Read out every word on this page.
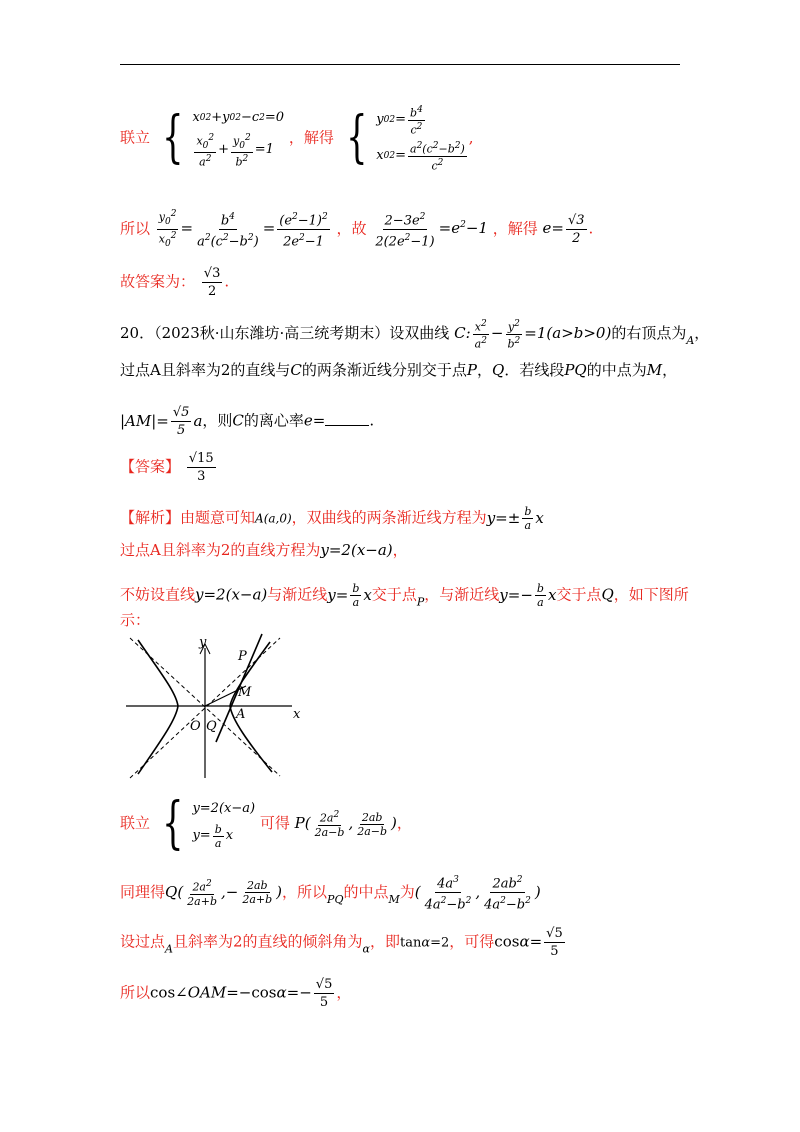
联立 { x 0 2 +y 0 2 −c 2 =0
$\frac{x_0^2}{a^2} + \frac{y_0^2}{b^2} =1$
，解得 { y 0 $2 = \frac{b^4}{c^2}$
x 0 $2 = \frac{a^2(c^2-b^2)}{c^2}$
,
所以 $\frac{y_0^2}{x_0^2} = \frac{b^4}{a^2(c^2-b^2)} = \frac{(e^2-1)^2}{2e^2-1}$ ，故 $\frac{2-3e^2}{2(2e^2-1)} =e^2-1$ ，解得 $e= \frac{√3}{2}$ .
故答案为： $\frac{√3}{2}$ .
20．（2023秋·山东潍坊·高三统考期末）设双曲线 C: $\frac{x^2}{a^2} - \frac{y^2}{b^2} =1(a>b>0)$的右顶点为$_A$，
过点A且斜率为2的直线与C的两条渐近线分别交于点P，Q．若线段PQ的中点为M，
$|AM|= \frac{√5}{5}$ a，则C的离心率e=	.
【答案】 $\frac{√15}{3}$
【解析】由题意可知A(a,0)，双曲线的两条渐近线方程为$y=\pm \frac{b}{a}$ x
过点A且斜率为2的直线方程为y=2(x−a)，
不妨设直线y=2(x−a)与渐近线$y= \frac{b}{a}$ x交于点$_P$，与渐近线$y=- \frac{b}{a}$ x交于点Q，如下图所
示：
y
x
P
M
A
O Q
联立 { y=2(x−a)
$y= \frac{b}{a}$ x
可得 $P( \frac{2a^2}{2a-b}$ , $\frac{2ab}{2a-b}$ )，
同理得$Q( \frac{2a^2}{2a+b}$ ,− $\frac{2ab}{2a+b}$ )，所以$_{PQ}$的中点$_M$为( $\frac{4a^3}{4a^2-b^2}$ , $\frac{2ab^2}{4a^2-b^2}$ )
设过点$_A$且斜率为2的直线的倾斜角为$_\alpha$，即tanα=2，可得$\cos\alpha= \frac{√5}{5}$
所以cos∠OAM=−cosα=− $\frac{√5}{5}$ ，
